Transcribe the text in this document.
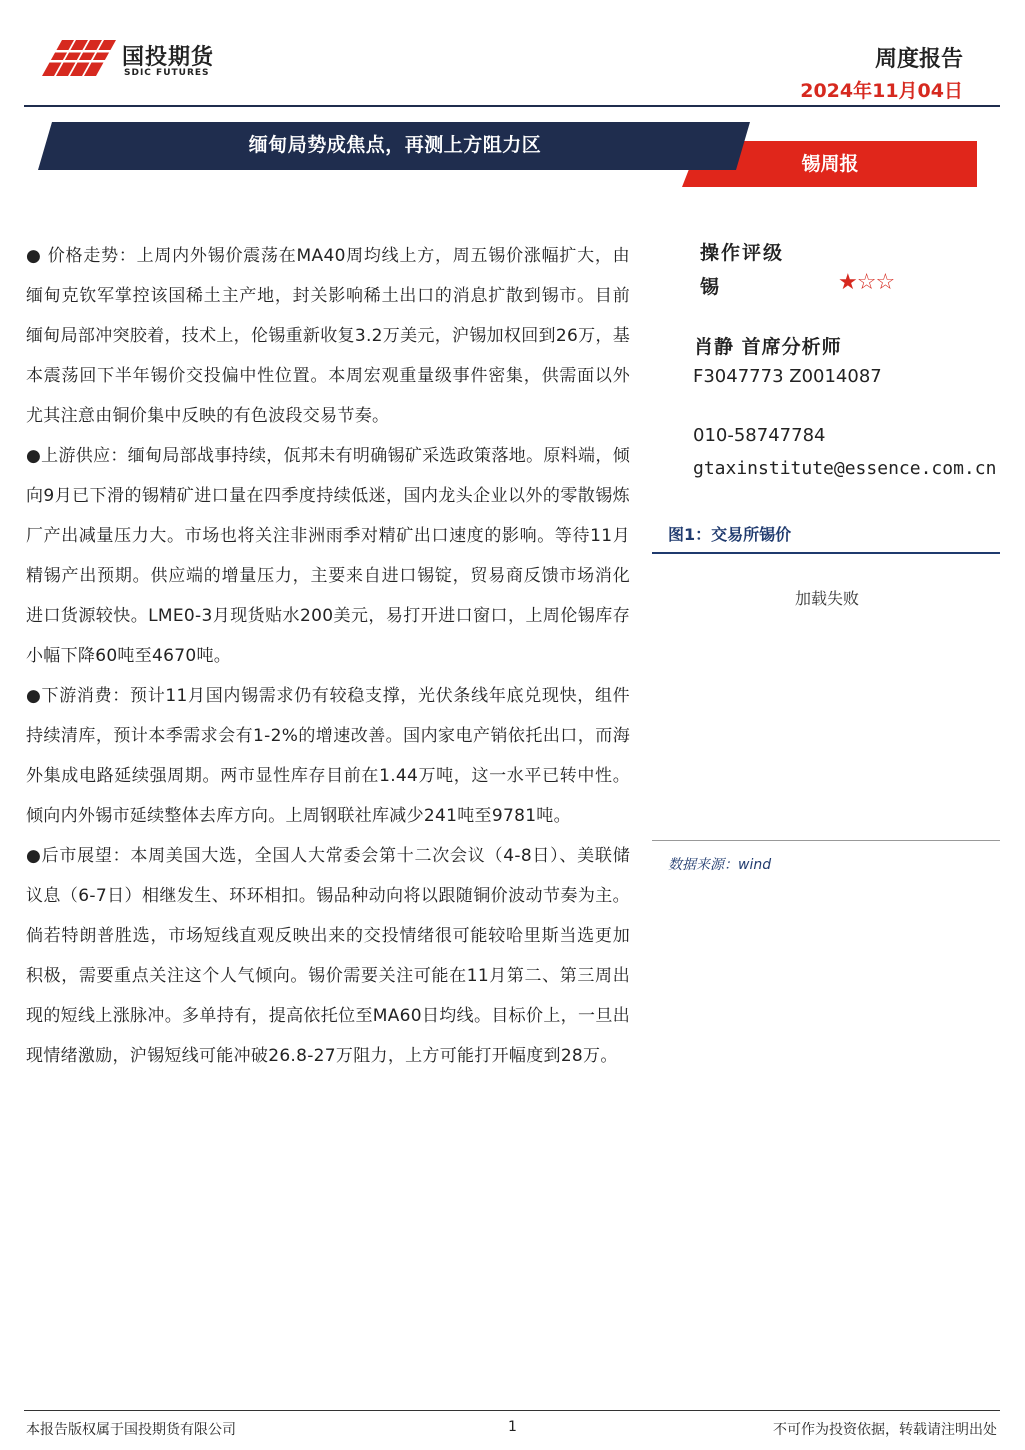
国投期货
SDIC FUTURES
周度报告
2024年11月04日
缅甸局势成焦点，再测上方阻力区
锡周报

● 价格走势：上周内外锡价震荡在MA40周均线上方，周五锡价涨幅扩大，由缅甸克钦军掌控该国稀土主产地，封关影响稀土出口的消息扩散到锡市。目前缅甸局部冲突胶着，技术上，伦锡重新收复3.2万美元，沪锡加权回到26万，基本震荡回下半年锡价交投偏中性位置。本周宏观重量级事件密集，供需面以外尤其注意由铜价集中反映的有色波段交易节奏。

●上游供应：缅甸局部战事持续，佤邦未有明确锡矿采选政策落地。原料端，倾向9月已下滑的锡精矿进口量在四季度持续低迷，国内龙头企业以外的零散锡炼厂产出减量压力大。市场也将关注非洲雨季对精矿出口速度的影响。等待11月精锡产出预期。供应端的增量压力，主要来自进口锡锭，贸易商反馈市场消化进口货源较快。LME0-3月现货贴水200美元，易打开进口窗口，上周伦锡库存小幅下降60吨至4670吨。

●下游消费：预计11月国内锡需求仍有较稳支撑，光伏条线年底兑现快，组件持续清库，预计本季需求会有1-2%的增速改善。国内家电产销依托出口，而海外集成电路延续强周期。两市显性库存目前在1.44万吨，这一水平已转中性。倾向内外锡市延续整体去库方向。上周钢联社库减少241吨至9781吨。

●后市展望：本周美国大选，全国人大常委会第十二次会议（4-8日）、美联储议息（6-7日）相继发生、环环相扣。锡品种动向将以跟随铜价波动节奏为主。倘若特朗普胜选，市场短线直观反映出来的交投情绪很可能较哈里斯当选更加积极，需要重点关注这个人气倾向。锡价需要关注可能在11月第二、第三周出现的短线上涨脉冲。多单持有，提高依托位至MA60日均线。目标价上，一旦出现情绪激励，沪锡短线可能冲破26.8-27万阻力，上方可能打开幅度到28万。

操作评级
锡	★☆☆
肖静 首席分析师
F3047773 Z0014087
010-58747784
gtaxinstitute@essence.com.cn
图1：交易所锡价
加载失败
数据来源：wind
本报告版权属于国投期货有限公司	1	不可作为投资依据，转载请注明出处
